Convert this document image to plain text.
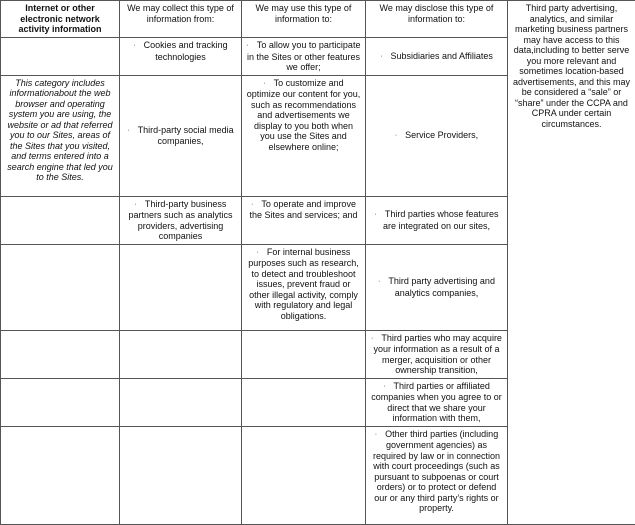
Internet or other electronic network activity information	We may collect this type of information from:	We may use this type of information to:	We may disclose this type of information to:	Third party advertising, analytics, and similar marketing business partners may have access to this data,including to better serve you more relevant and sometimes location-based advertisements, and this may be considered a “sale” or “share” under the CCPA and CPRA under certain circumstances.
	· Cookies and tracking technologies	· To allow you to participate in the Sites or other features we offer;	· Subsidiaries and Affiliates	
This category includes informationabout the web browser and operating system you are using, the website or ad that referred you to our Sites, areas of the Sites that you visited, and terms entered into a search engine that led you to the Sites.	· Third-party social media companies,	· To customize and optimize our content for you, such as recommendations and advertisements we display to you both when you use the Sites and elsewhere online;	· Service Providers,	
	· Third-party business partners such as analytics providers, advertising companies	· To operate and improve the Sites and services; and	· Third parties whose features are integrated on our sites,	
		· For internal business purposes such as research, to detect and troubleshoot issues, prevent fraud or other illegal activity, comply with regulatory and legal obligations.	· Third party advertising and analytics companies,	
			· Third parties who may acquire your information as a result of a merger, acquisition or other ownership transition,	
			· Third parties or affiliated companies when you agree to or direct that we share your information with them,	
			· Other third parties (including government agencies) as required by law or in connection with court proceedings (such as pursuant to subpoenas or court orders) or to protect or defend our or any third party’s rights or property.	
